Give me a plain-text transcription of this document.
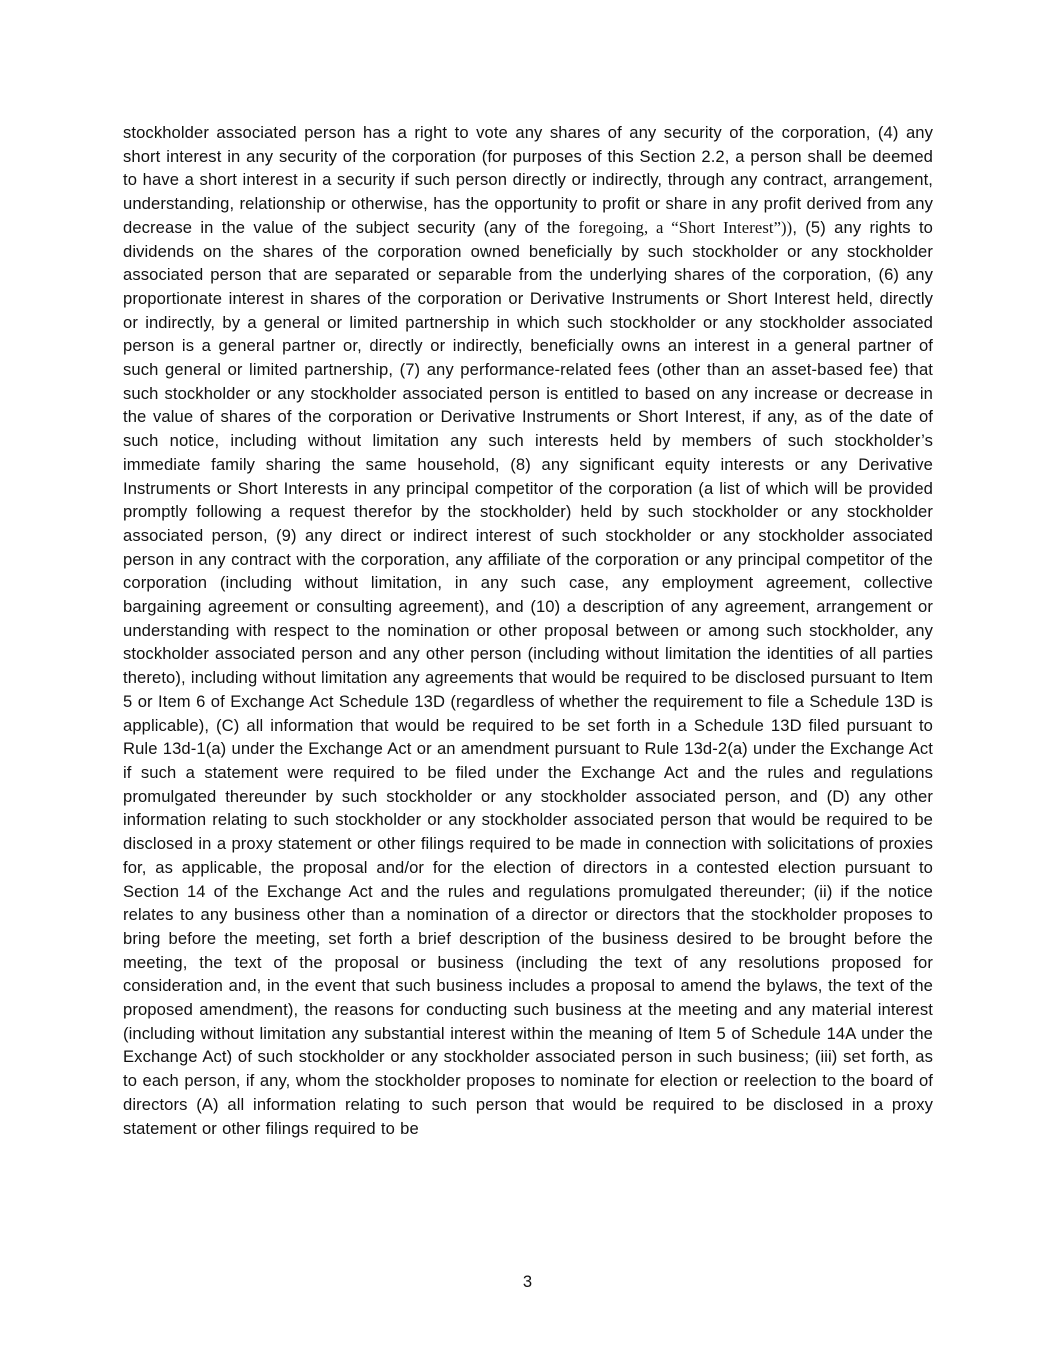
stockholder associated person has a right to vote any shares of any security of the corporation, (4) any short interest in any security of the corporation (for purposes of this Section 2.2, a person shall be deemed to have a short interest in a security if such person directly or indirectly, through any contract, arrangement, understanding, relationship or otherwise, has the opportunity to profit or share in any profit derived from any decrease in the value of the subject security (any of the foregoing, a “Short Interest”)), (5) any rights to dividends on the shares of the corporation owned beneficially by such stockholder or any stockholder associated person that are separated or separable from the underlying shares of the corporation, (6) any proportionate interest in shares of the corporation or Derivative Instruments or Short Interest held, directly or indirectly, by a general or limited partnership in which such stockholder or any stockholder associated person is a general partner or, directly or indirectly, beneficially owns an interest in a general partner of such general or limited partnership, (7) any performance-related fees (other than an asset-based fee) that such stockholder or any stockholder associated person is entitled to based on any increase or decrease in the value of shares of the corporation or Derivative Instruments or Short Interest, if any, as of the date of such notice, including without limitation any such interests held by members of such stockholder’s immediate family sharing the same household, (8) any significant equity interests or any Derivative Instruments or Short Interests in any principal competitor of the corporation (a list of which will be provided promptly following a request therefor by the stockholder) held by such stockholder or any stockholder associated person, (9) any direct or indirect interest of such stockholder or any stockholder associated person in any contract with the corporation, any affiliate of the corporation or any principal competitor of the corporation (including without limitation, in any such case, any employment agreement, collective bargaining agreement or consulting agreement), and (10) a description of any agreement, arrangement or understanding with respect to the nomination or other proposal between or among such stockholder, any stockholder associated person and any other person (including without limitation the identities of all parties thereto), including without limitation any agreements that would be required to be disclosed pursuant to Item 5 or Item 6 of Exchange Act Schedule 13D (regardless of whether the requirement to file a Schedule 13D is applicable), (C) all information that would be required to be set forth in a Schedule 13D filed pursuant to Rule 13d-1(a) under the Exchange Act or an amendment pursuant to Rule 13d-2(a) under the Exchange Act if such a statement were required to be filed under the Exchange Act and the rules and regulations promulgated thereunder by such stockholder or any stockholder associated person, and (D) any other information relating to such stockholder or any stockholder associated person that would be required to be disclosed in a proxy statement or other filings required to be made in connection with solicitations of proxies for, as applicable, the proposal and/or for the election of directors in a contested election pursuant to Section 14 of the Exchange Act and the rules and regulations promulgated thereunder; (ii) if the notice relates to any business other than a nomination of a director or directors that the stockholder proposes to bring before the meeting, set forth a brief description of the business desired to be brought before the meeting, the text of the proposal or business (including the text of any resolutions proposed for consideration and, in the event that such business includes a proposal to amend the bylaws, the text of the proposed amendment), the reasons for conducting such business at the meeting and any material interest (including without limitation any substantial interest within the meaning of Item 5 of Schedule 14A under the Exchange Act) of such stockholder or any stockholder associated person in such business; (iii) set forth, as to each person, if any, whom the stockholder proposes to nominate for election or reelection to the board of directors (A) all information relating to such person that would be required to be disclosed in a proxy statement or other filings required to be
3
